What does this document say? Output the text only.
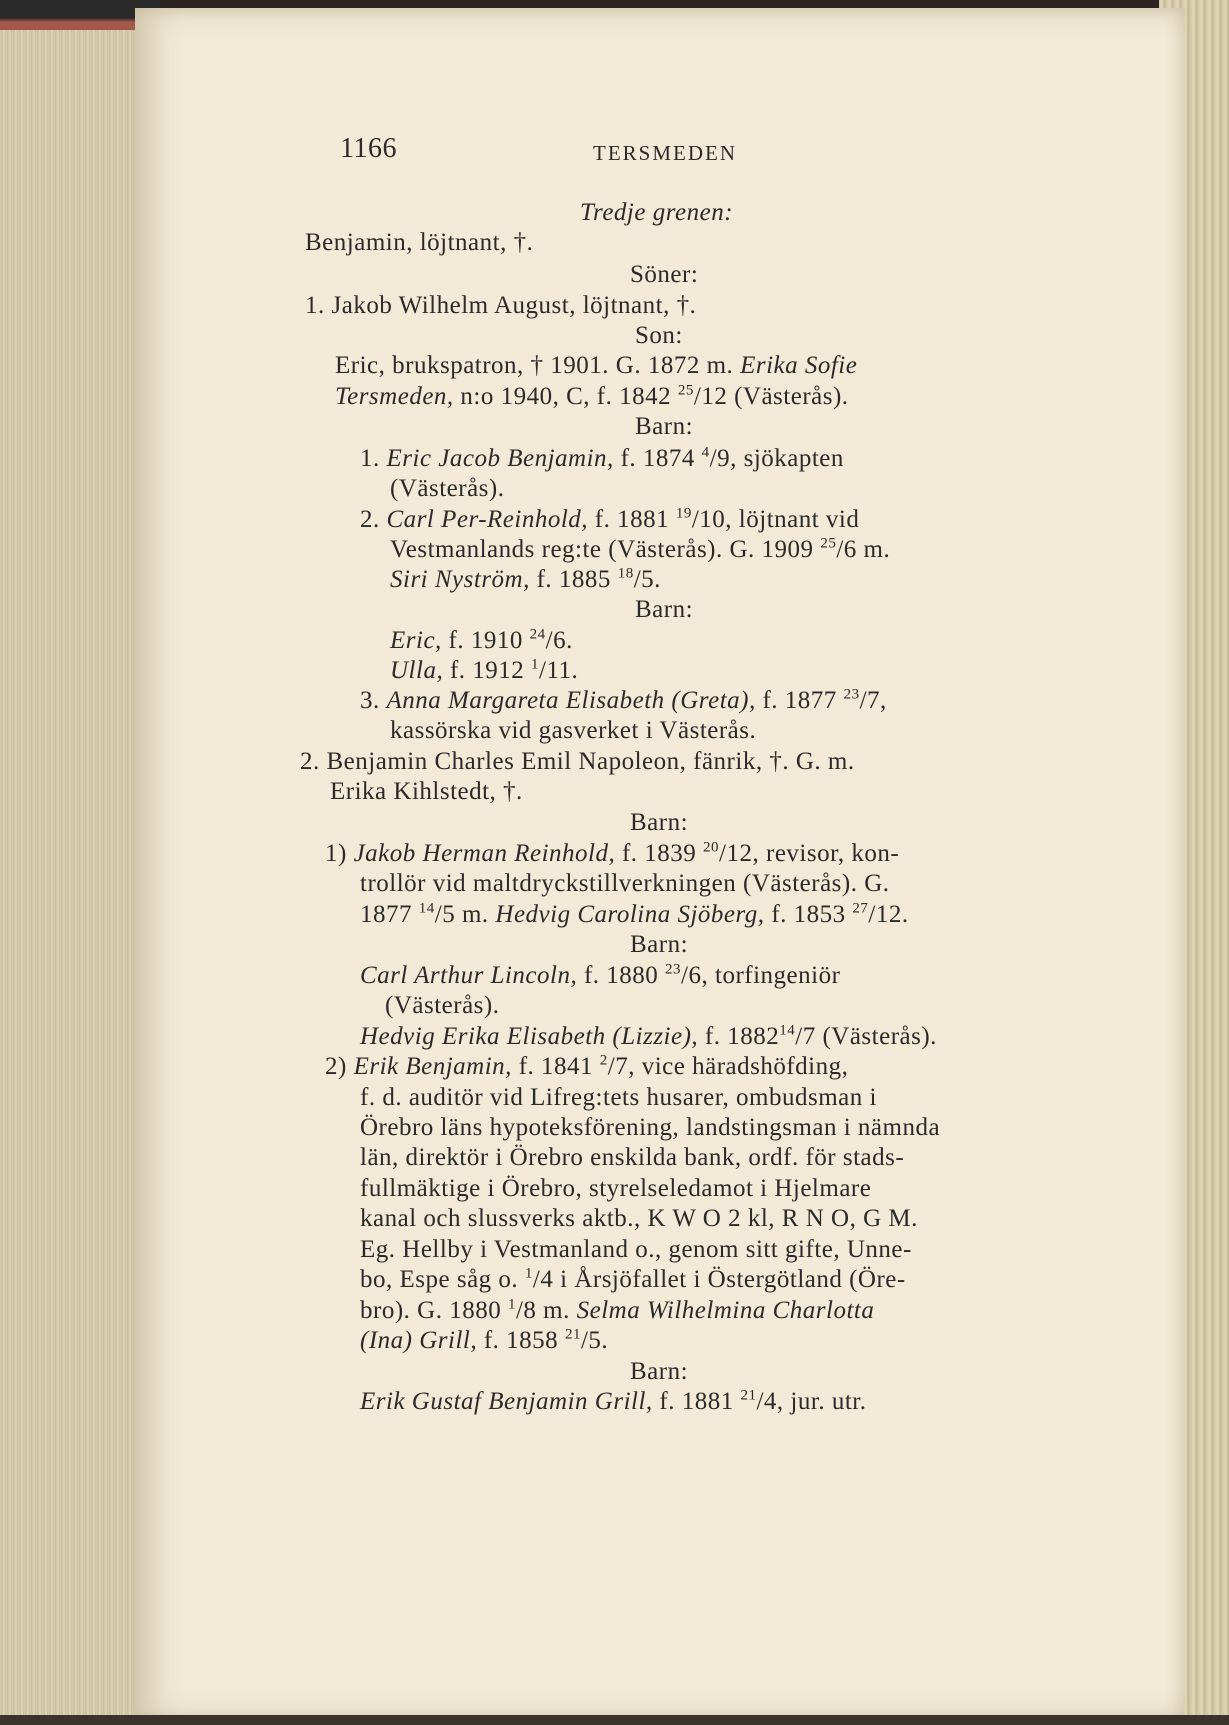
1166	TERSMEDEN
Tredje grenen:
Benjamin, löjtnant, †.
Söner:
1. Jakob Wilhelm August, löjtnant, †.
Son:
Eric, brukspatron, † 1901. G. 1872 m. Erika Sofie
Tersmeden, n:o 1940, C, f. 1842 $^{25}$/12 (Västerås).
Barn:
1. Eric Jacob Benjamin, f. 1874 $^4$/9, sjökapten
(Västerås).
2. Carl Per-Reinhold, f. 1881 $^{19}$/10, löjtnant vid
Vestmanlands reg:te (Västerås). G. 1909 $^{25}$/6 m.
Siri Nyström, f. 1885 $^{18}$/5.
Barn:
Eric, f. 1910 $^{24}$/6.
Ulla, f. 1912 $^1$/11.
3. Anna Margareta Elisabeth (Greta), f. 1877 $^{23}$/7,
kassörska vid gasverket i Västerås.
2. Benjamin Charles Emil Napoleon, fänrik, †. G. m.
Erika Kihlstedt, †.
Barn:
1) Jakob Herman Reinhold, f. 1839 $^{20}$/12, revisor, kon-
trollör vid maltdryckstillverkningen (Västerås). G.
1877 $^{14}$/5 m. Hedvig Carolina Sjöberg, f. 1853 $^{27}$/12.
Barn:
Carl Arthur Lincoln, f. 1880 $^{23}$/6, torfingeniör
(Västerås).
Hedvig Erika Elisabeth (Lizzie), f. 1882$^{14}$/7 (Västerås).
2) Erik Benjamin, f. 1841 $^2$/7, vice häradshöfding,
f. d. auditör vid Lifreg:tets husarer, ombudsman i
Örebro läns hypoteksförening, landstingsman i nämnda
län, direktör i Örebro enskilda bank, ordf. för stads-
fullmäktige i Örebro, styrelseledamot i Hjelmare
kanal och slussverks aktb., K W O 2 kl, R N O, G M.
Eg. Hellby i Vestmanland o., genom sitt gifte, Unne-
bo, Espe såg o. $^1$/4 i Årsjöfallet i Östergötland (Öre-
bro). G. 1880 $^1$/8 m. Selma Wilhelmina Charlotta
(Ina) Grill, f. 1858 $^{21}$/5.
Barn:
Erik Gustaf Benjamin Grill, f. 1881 $^{21}$/4, jur. utr.
